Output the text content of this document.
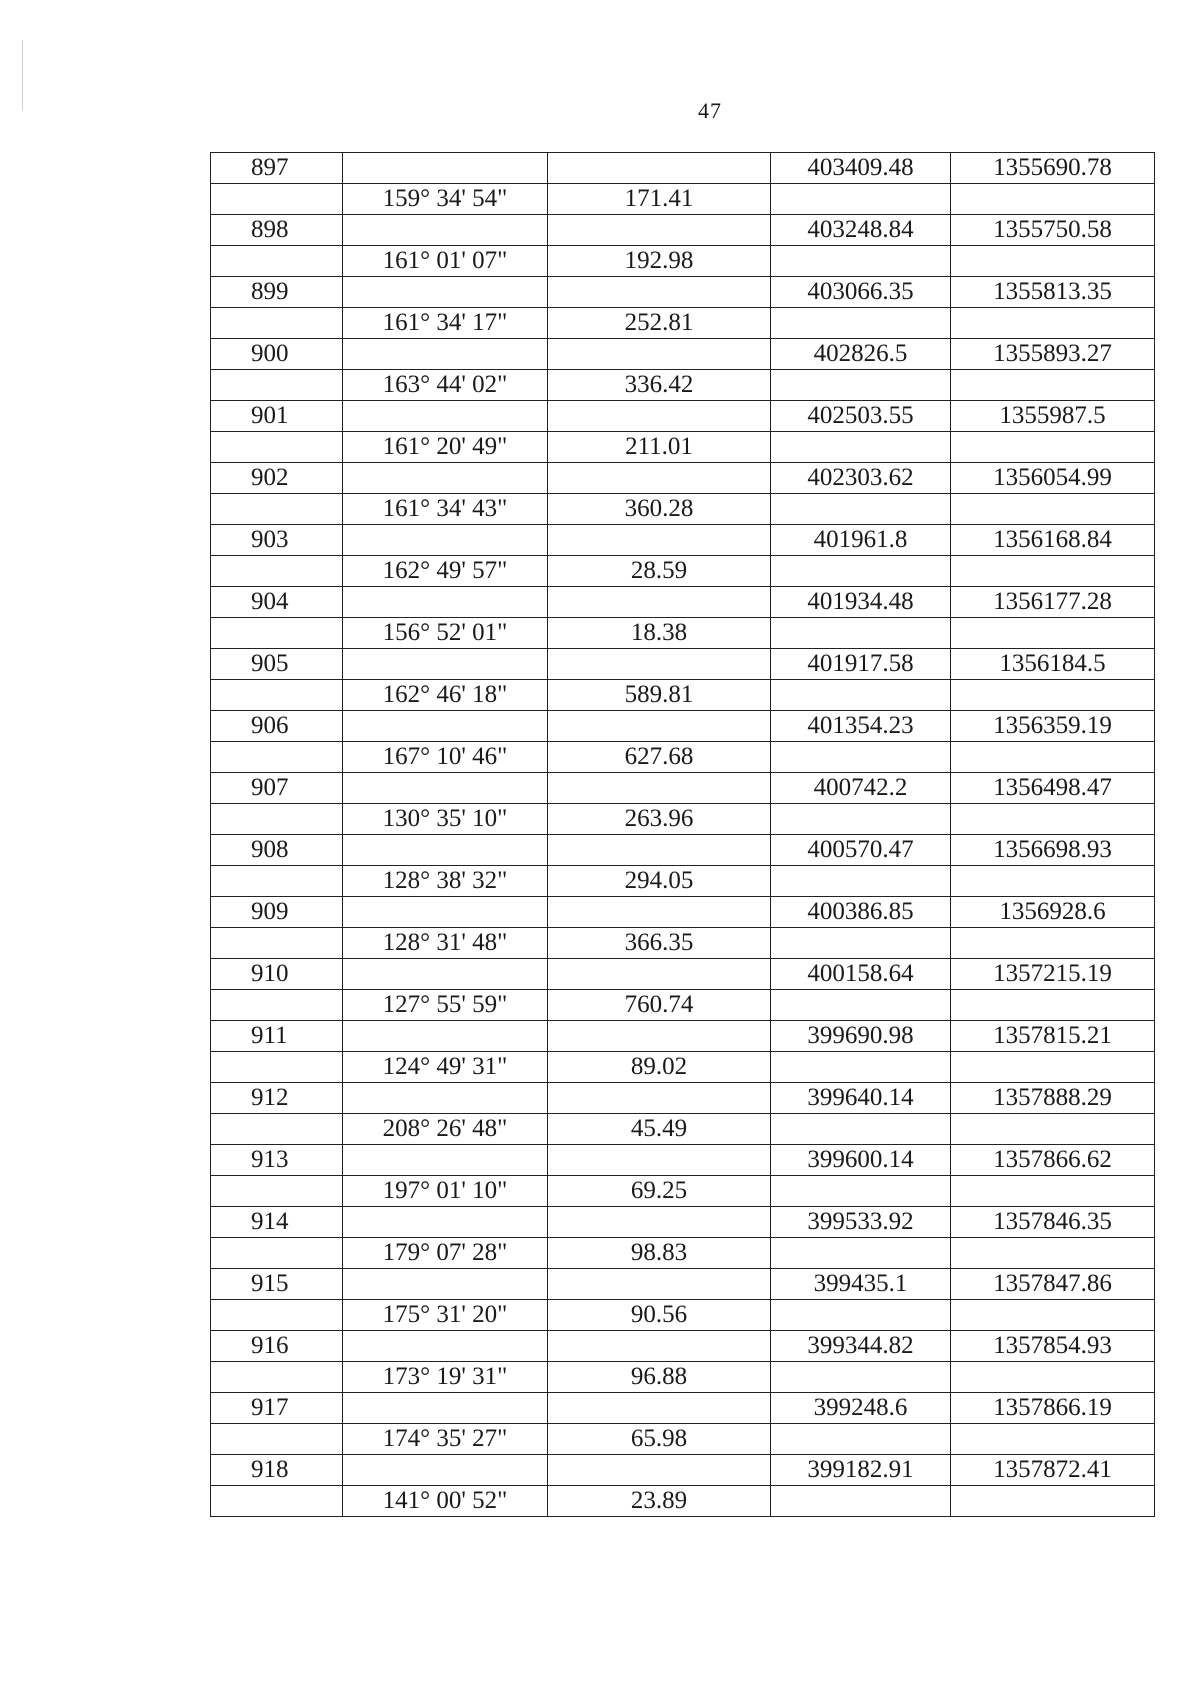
47
897			403409.48	1355690.78
	159° 34' 54"	171.41		
898			403248.84	1355750.58
	161° 01' 07"	192.98		
899			403066.35	1355813.35
	161° 34' 17"	252.81		
900			402826.5	1355893.27
	163° 44' 02"	336.42		
901			402503.55	1355987.5
	161° 20' 49"	211.01		
902			402303.62	1356054.99
	161° 34' 43"	360.28		
903			401961.8	1356168.84
	162° 49' 57"	28.59		
904			401934.48	1356177.28
	156° 52' 01"	18.38		
905			401917.58	1356184.5
	162° 46' 18"	589.81		
906			401354.23	1356359.19
	167° 10' 46"	627.68		
907			400742.2	1356498.47
	130° 35' 10"	263.96		
908			400570.47	1356698.93
	128° 38' 32"	294.05		
909			400386.85	1356928.6
	128° 31' 48"	366.35		
910			400158.64	1357215.19
	127° 55' 59"	760.74		
911			399690.98	1357815.21
	124° 49' 31"	89.02		
912			399640.14	1357888.29
	208° 26' 48"	45.49		
913			399600.14	1357866.62
	197° 01' 10"	69.25		
914			399533.92	1357846.35
	179° 07' 28"	98.83		
915			399435.1	1357847.86
	175° 31' 20"	90.56		
916			399344.82	1357854.93
	173° 19' 31"	96.88		
917			399248.6	1357866.19
	174° 35' 27"	65.98		
918			399182.91	1357872.41
	141° 00' 52"	23.89		
